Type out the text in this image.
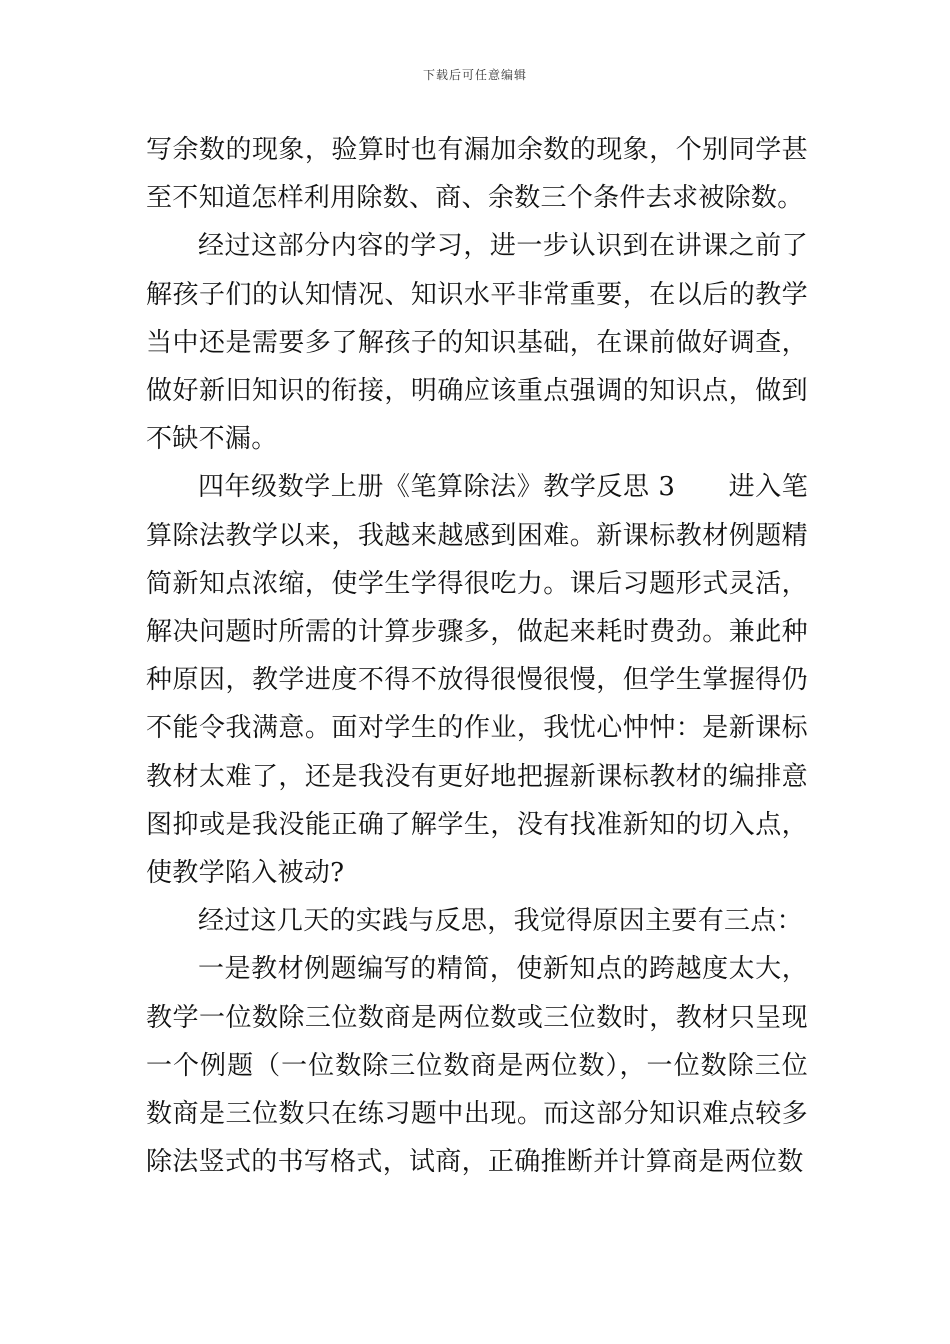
下载后可任意编辑

写余数的现象，验算时也有漏加余数的现象，个别同学甚至不知道怎样利用除数、商、余数三个条件去求被除数。

经过这部分内容的学习，进一步认识到在讲课之前了解孩子们的认知情况、知识水平非常重要，在以后的教学当中还是需要多了解孩子的知识基础，在课前做好调查，做好新旧知识的衔接，明确应该重点强调的知识点，做到不缺不漏。

四年级数学上册《笔算除法》教学反思 3　　进入笔算除法教学以来，我越来越感到困难。新课标教材例题精简新知点浓缩，使学生学得很吃力。课后习题形式灵活，解决问题时所需的计算步骤多，做起来耗时费劲。兼此种种原因，教学进度不得不放得很慢很慢，但学生掌握得仍不能令我满意。面对学生的作业，我忧心忡忡：是新课标教材太难了，还是我没有更好地把握新课标教材的编排意图抑或是我没能正确了解学生，没有找准新知的切入点，使教学陷入被动?

经过这几天的实践与反思，我觉得原因主要有三点：

一是教材例题编写的精简，使新知点的跨越度太大，教学一位数除三位数商是两位数或三位数时，教材只呈现一个例题（一位数除三位数商是两位数），一位数除三位数商是三位数只在练习题中出现。而这部分知识难点较多除法竖式的书写格式，试商，正确推断并计算商是两位数
